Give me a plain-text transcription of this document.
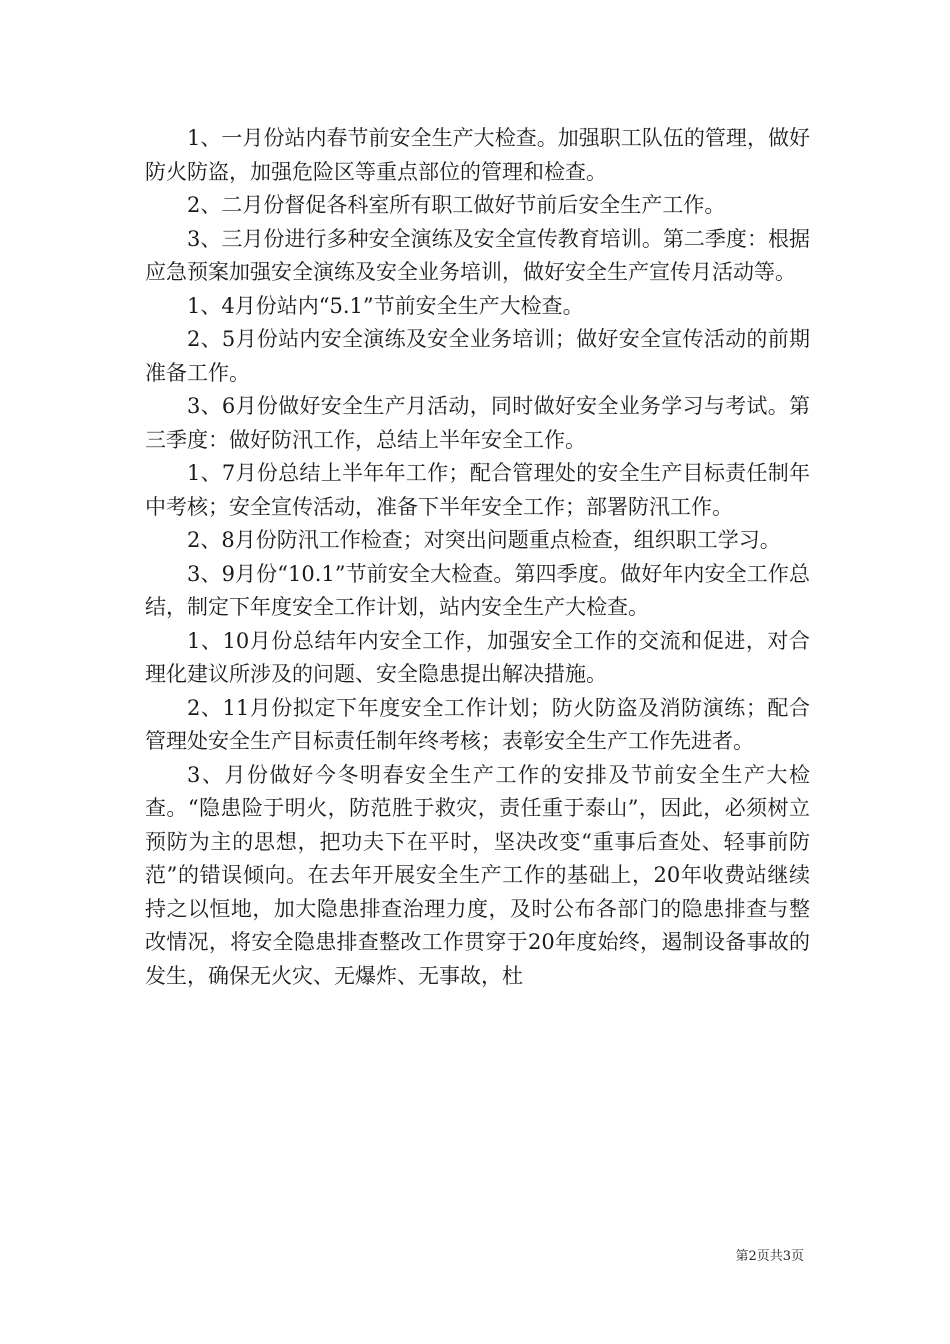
1、一月份站内春节前安全生产大检查。加强职工队伍的管理，做好防火防盗，加强危险区等重点部位的管理和检查。

2、二月份督促各科室所有职工做好节前后安全生产工作。

3、三月份进行多种安全演练及安全宣传教育培训。第二季度：根据应急预案加强安全演练及安全业务培训，做好安全生产宣传月活动等。

1、4月份站内“5.1”节前安全生产大检查。

2、5月份站内安全演练及安全业务培训；做好安全宣传活动的前期准备工作。

3、6月份做好安全生产月活动，同时做好安全业务学习与考试。第三季度：做好防汛工作，总结上半年安全工作。

1、7月份总结上半年年工作；配合管理处的安全生产目标责任制年中考核；安全宣传活动，准备下半年安全工作；部署防汛工作。

2、8月份防汛工作检查；对突出问题重点检查，组织职工学习。

3、9月份“10.1”节前安全大检查。第四季度。做好年内安全工作总结，制定下年度安全工作计划，站内安全生产大检查。

1、10月份总结年内安全工作，加强安全工作的交流和促进，对合理化建议所涉及的问题、安全隐患提出解决措施。

2、11月份拟定下年度安全工作计划；防火防盗及消防演练；配合管理处安全生产目标责任制年终考核；表彰安全生产工作先进者。

3、月份做好今冬明春安全生产工作的安排及节前安全生产大检查。“隐患险于明火，防范胜于救灾，责任重于泰山”，因此，必须树立预防为主的思想，把功夫下在平时，坚决改变“重事后查处、轻事前防范”的错误倾向。在去年开展安全生产工作的基础上，20年收费站继续持之以恒地，加大隐患排查治理力度，及时公布各部门的隐患排查与整改情况，将安全隐患排查整改工作贯穿于20年度始终，遏制设备事故的发生，确保无火灾、无爆炸、无事故，杜

第2页共3页
